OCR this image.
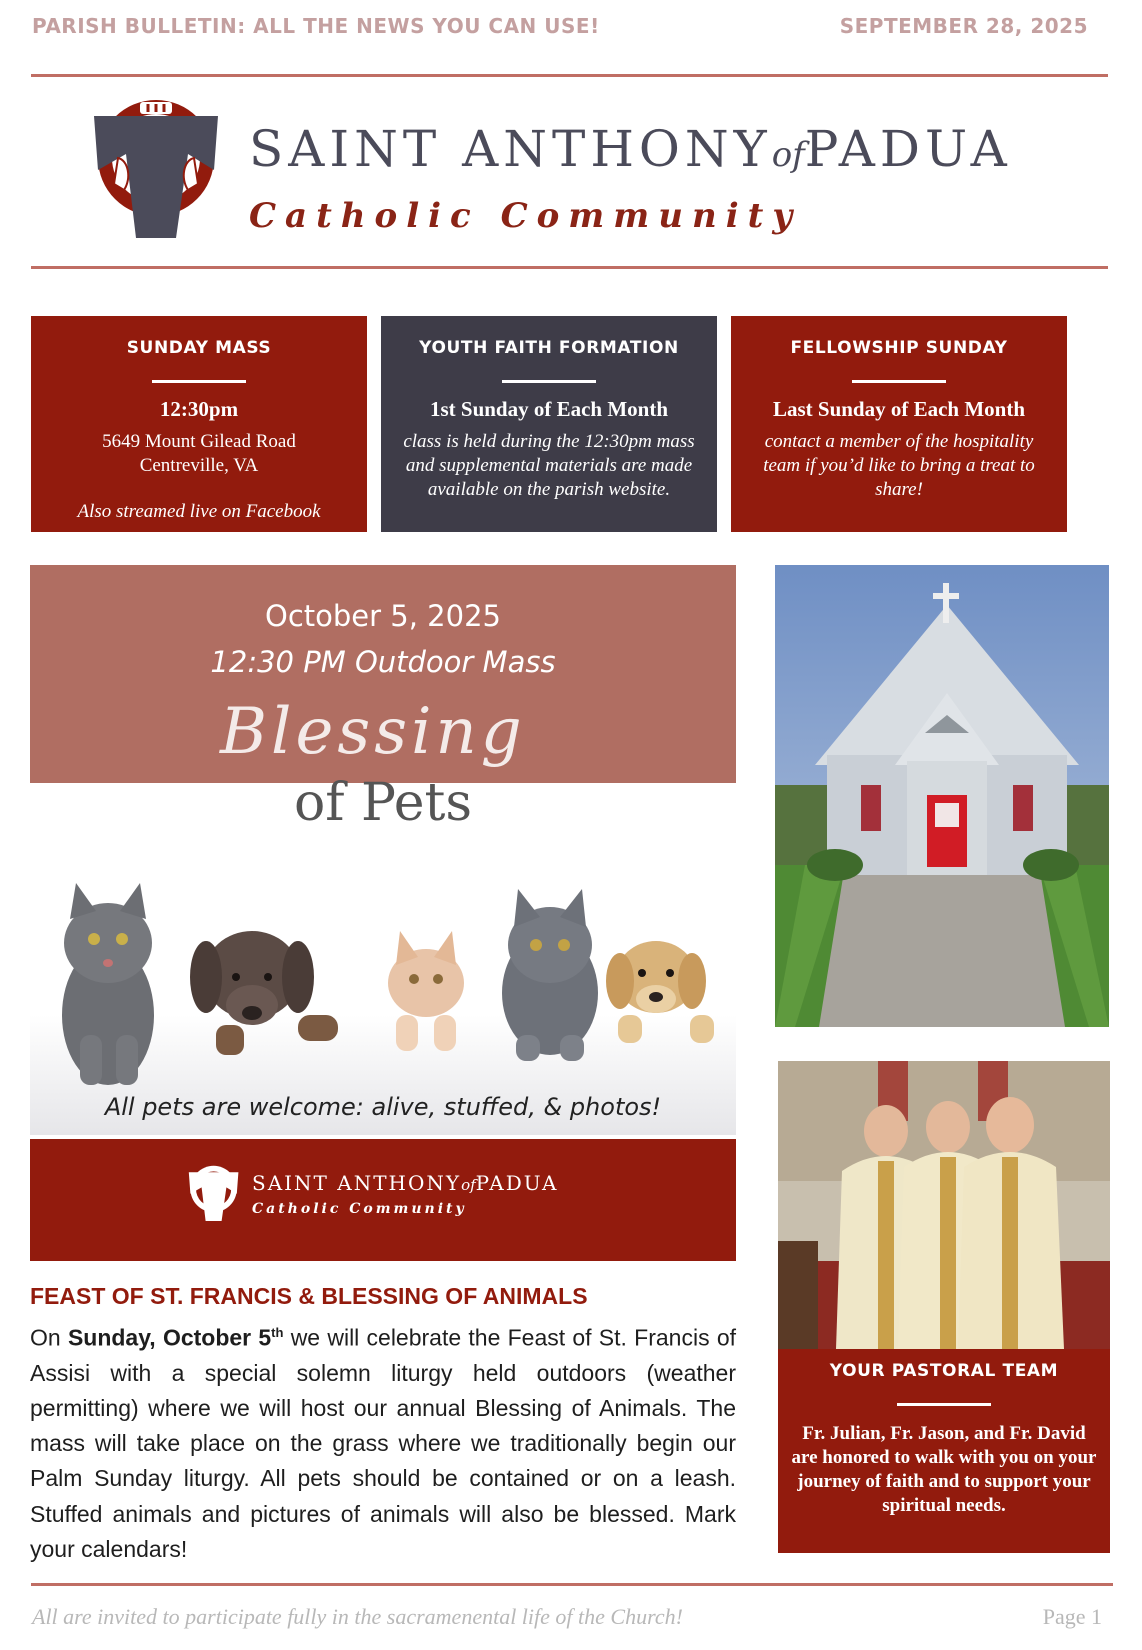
PARISH BULLETIN: ALL THE NEWS YOU CAN USE!	SEPTEMBER 28, 2025
SAINT ANTHONYofPADUA
Catholic Community
SUNDAY MASS
12:30pm
5649 Mount Gilead Road
Centreville, VA
Also streamed live on Facebook
YOUTH FAITH FORMATION
1st Sunday of Each Month
class is held during the 12:30pm mass and supplemental materials are made available on the parish website.
FELLOWSHIP SUNDAY
Last Sunday of Each Month
contact a member of the hospitality team if you’d like to bring a treat to share!
October 5, 2025
12:30 PM Outdoor Mass
Blessing
of Pets
All pets are welcome: alive, stuffed, & photos!
SAINT ANTHONYofPADUA
Catholic Community
FEAST OF ST. FRANCIS & BLESSING OF ANIMALS
On Sunday, October 5th we will celebrate the Feast of St. Francis of Assisi with a special solemn liturgy held outdoors (weather permitting) where we will host our annual Blessing of Animals. The mass will take place on the grass where we traditionally begin our Palm Sunday liturgy. All pets should be contained or on a leash. Stuffed animals and pictures of animals will also be blessed. Mark your calendars!
YOUR PASTORAL TEAM
Fr. Julian, Fr. Jason, and Fr. David are honored to walk with you on your journey of faith and to support your spiritual needs.
All are invited to participate fully in the sacramenental life of the Church!	Page 1
